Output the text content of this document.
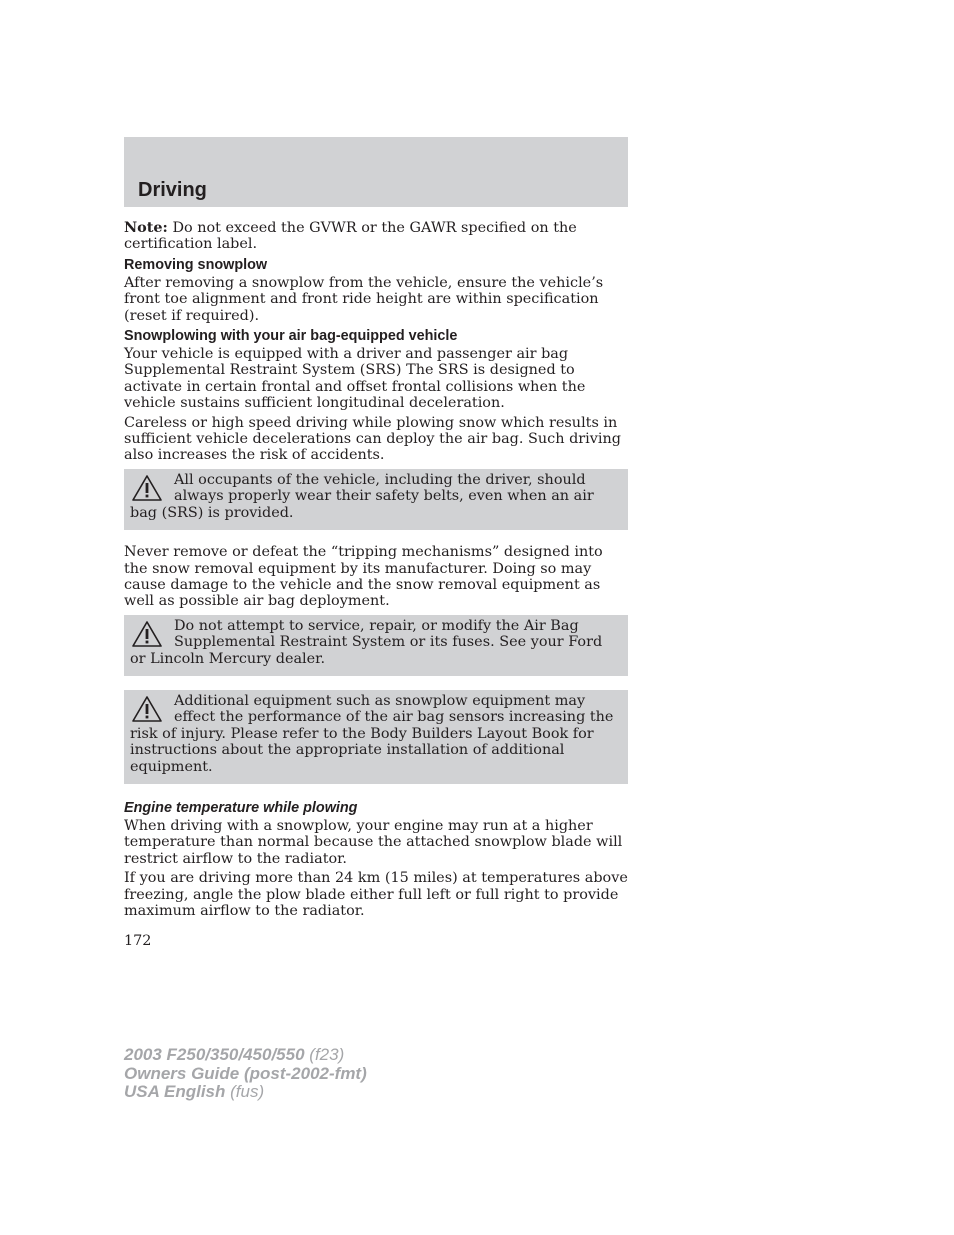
Driving

Note: Do not exceed the GVWR or the GAWR specified on the certification label.

Removing snowplow

After removing a snowplow from the vehicle, ensure the vehicle’s front toe alignment and front ride height are within specification (reset if required).

Snowplowing with your air bag-equipped vehicle

Your vehicle is equipped with a driver and passenger air bag Supplemental Restraint System (SRS) The SRS is designed to activate in certain frontal and offset frontal collisions when the vehicle sustains sufficient longitudinal deceleration.

Careless or high speed driving while plowing snow which results in sufficient vehicle decelerations can deploy the air bag. Such driving also increases the risk of accidents.

All occupants of the vehicle, including the driver, should always properly wear their safety belts, even when an air bag (SRS) is provided.

Never remove or defeat the “tripping mechanisms” designed into the snow removal equipment by its manufacturer. Doing so may cause damage to the vehicle and the snow removal equipment as well as possible air bag deployment.

Do not attempt to service, repair, or modify the Air Bag Supplemental Restraint System or its fuses. See your Ford or Lincoln Mercury dealer.
Additional equipment such as snowplow equipment may effect the performance of the air bag sensors increasing the risk of injury. Please refer to the Body Builders Layout Book for instructions about the appropriate installation of additional equipment.
Engine temperature while plowing

When driving with a snowplow, your engine may run at a higher temperature than normal because the attached snowplow blade will restrict airflow to the radiator.

If you are driving more than 24 km (15 miles) at temperatures above freezing, angle the plow blade either full left or full right to provide maximum airflow to the radiator.

172

2003 F250/350/450/550 (f23)
Owners Guide (post-2002-fmt)
USA English (fus)
